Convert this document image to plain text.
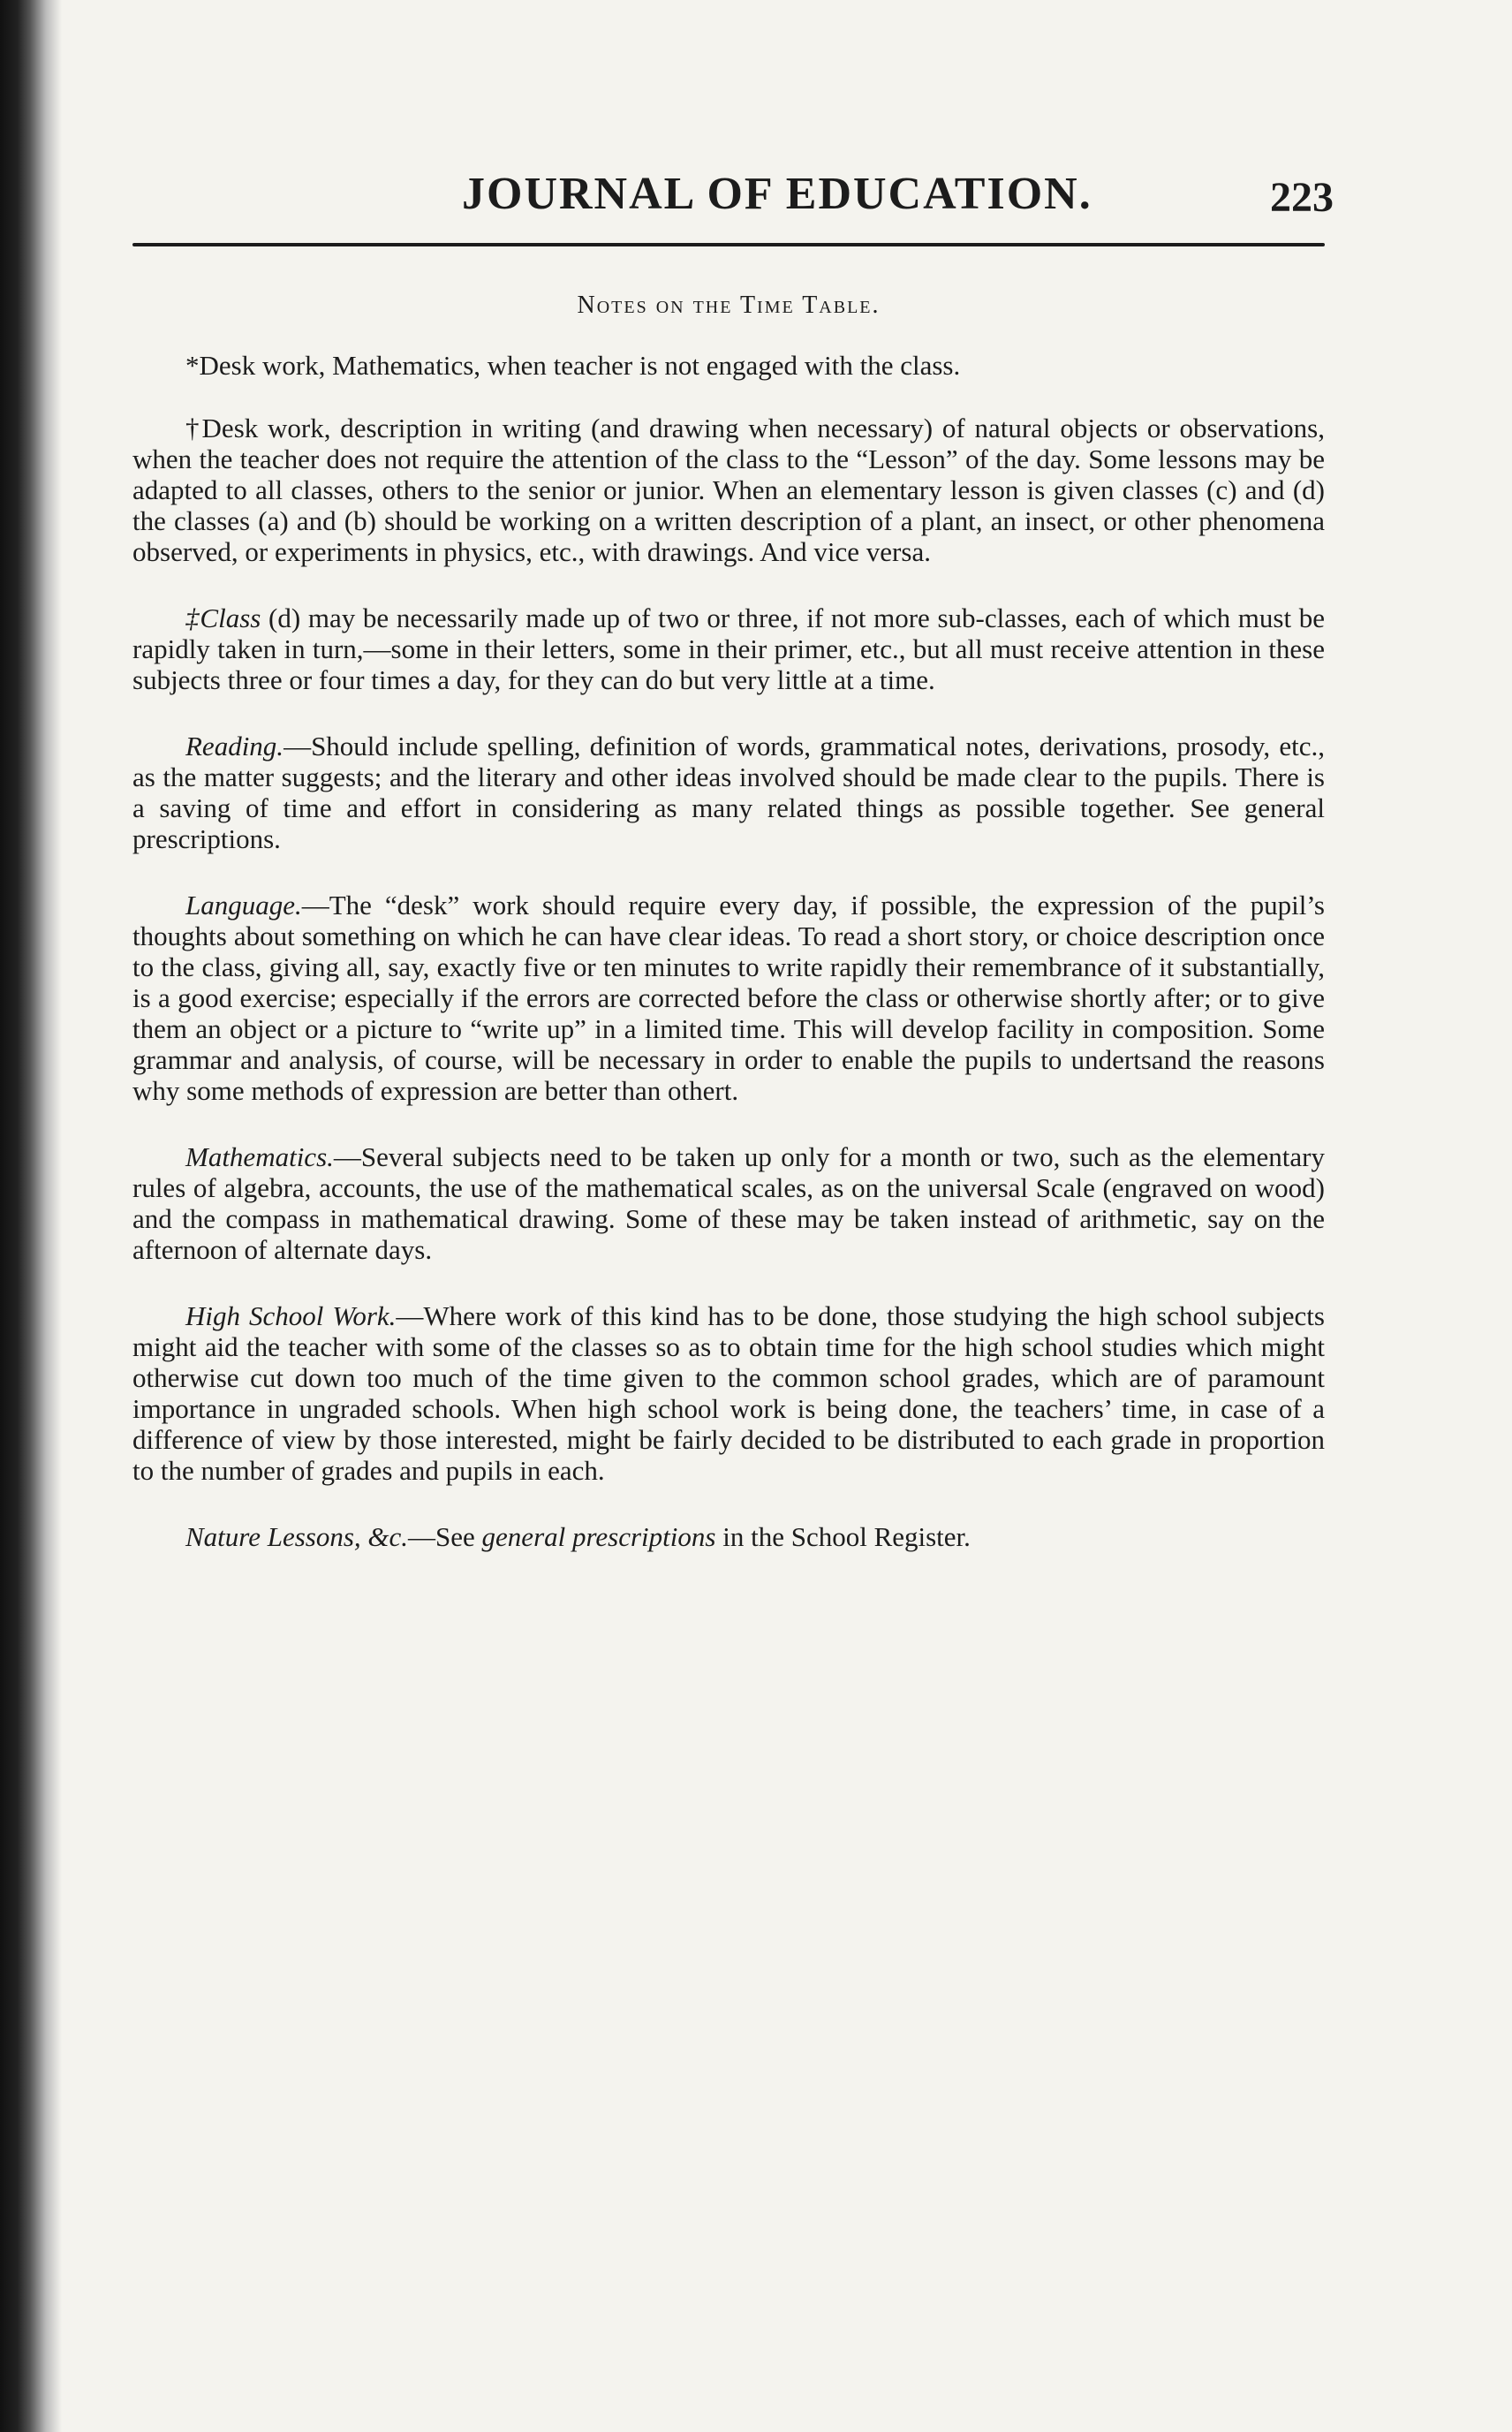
JOURNAL OF EDUCATION.	223
Notes on the Time Table.

*Desk work, Mathematics, when teacher is not engaged with the class.

†Desk work, description in writing (and drawing when necessary) of natural objects or observations, when the teacher does not require the attention of the class to the “Lesson” of the day. Some lessons may be adapted to all classes, others to the senior or junior. When an elementary lesson is given classes (c) and (d) the classes (a) and (b) should be working on a written description of a plant, an insect, or other phenomena observed, or experiments in physics, etc., with drawings. And vice versa.

‡Class (d) may be necessarily made up of two or three, if not more sub-classes, each of which must be rapidly taken in turn,—some in their letters, some in their primer, etc., but all must receive attention in these subjects three or four times a day, for they can do but very little at a time.

Reading.—Should include spelling, definition of words, grammatical notes, derivations, prosody, etc., as the matter suggests; and the literary and other ideas involved should be made clear to the pupils. There is a saving of time and effort in considering as many related things as possible together. See general prescriptions.

Language.—The “desk” work should require every day, if possible, the expression of the pupil’s thoughts about something on which he can have clear ideas. To read a short story, or choice description once to the class, giving all, say, exactly five or ten minutes to write rapidly their remembrance of it substantially, is a good exercise; especially if the errors are corrected before the class or otherwise shortly after; or to give them an object or a picture to “write up” in a limited time. This will develop facility in composition. Some grammar and analysis, of course, will be necessary in order to enable the pupils to undertsand the reasons why some methods of expression are better than othert.

Mathematics.—Several subjects need to be taken up only for a month or two, such as the elementary rules of algebra, accounts, the use of the mathematical scales, as on the universal Scale (engraved on wood) and the compass in mathematical drawing. Some of these may be taken instead of arithmetic, say on the afternoon of alternate days.

High School Work.—Where work of this kind has to be done, those studying the high school subjects might aid the teacher with some of the classes so as to obtain time for the high school studies which might otherwise cut down too much of the time given to the common school grades, which are of paramount importance in ungraded schools. When high school work is being done, the teachers’ time, in case of a difference of view by those interested, might be fairly decided to be distributed to each grade in proportion to the number of grades and pupils in each.

Nature Lessons, &c.—See general prescriptions in the School Register.
